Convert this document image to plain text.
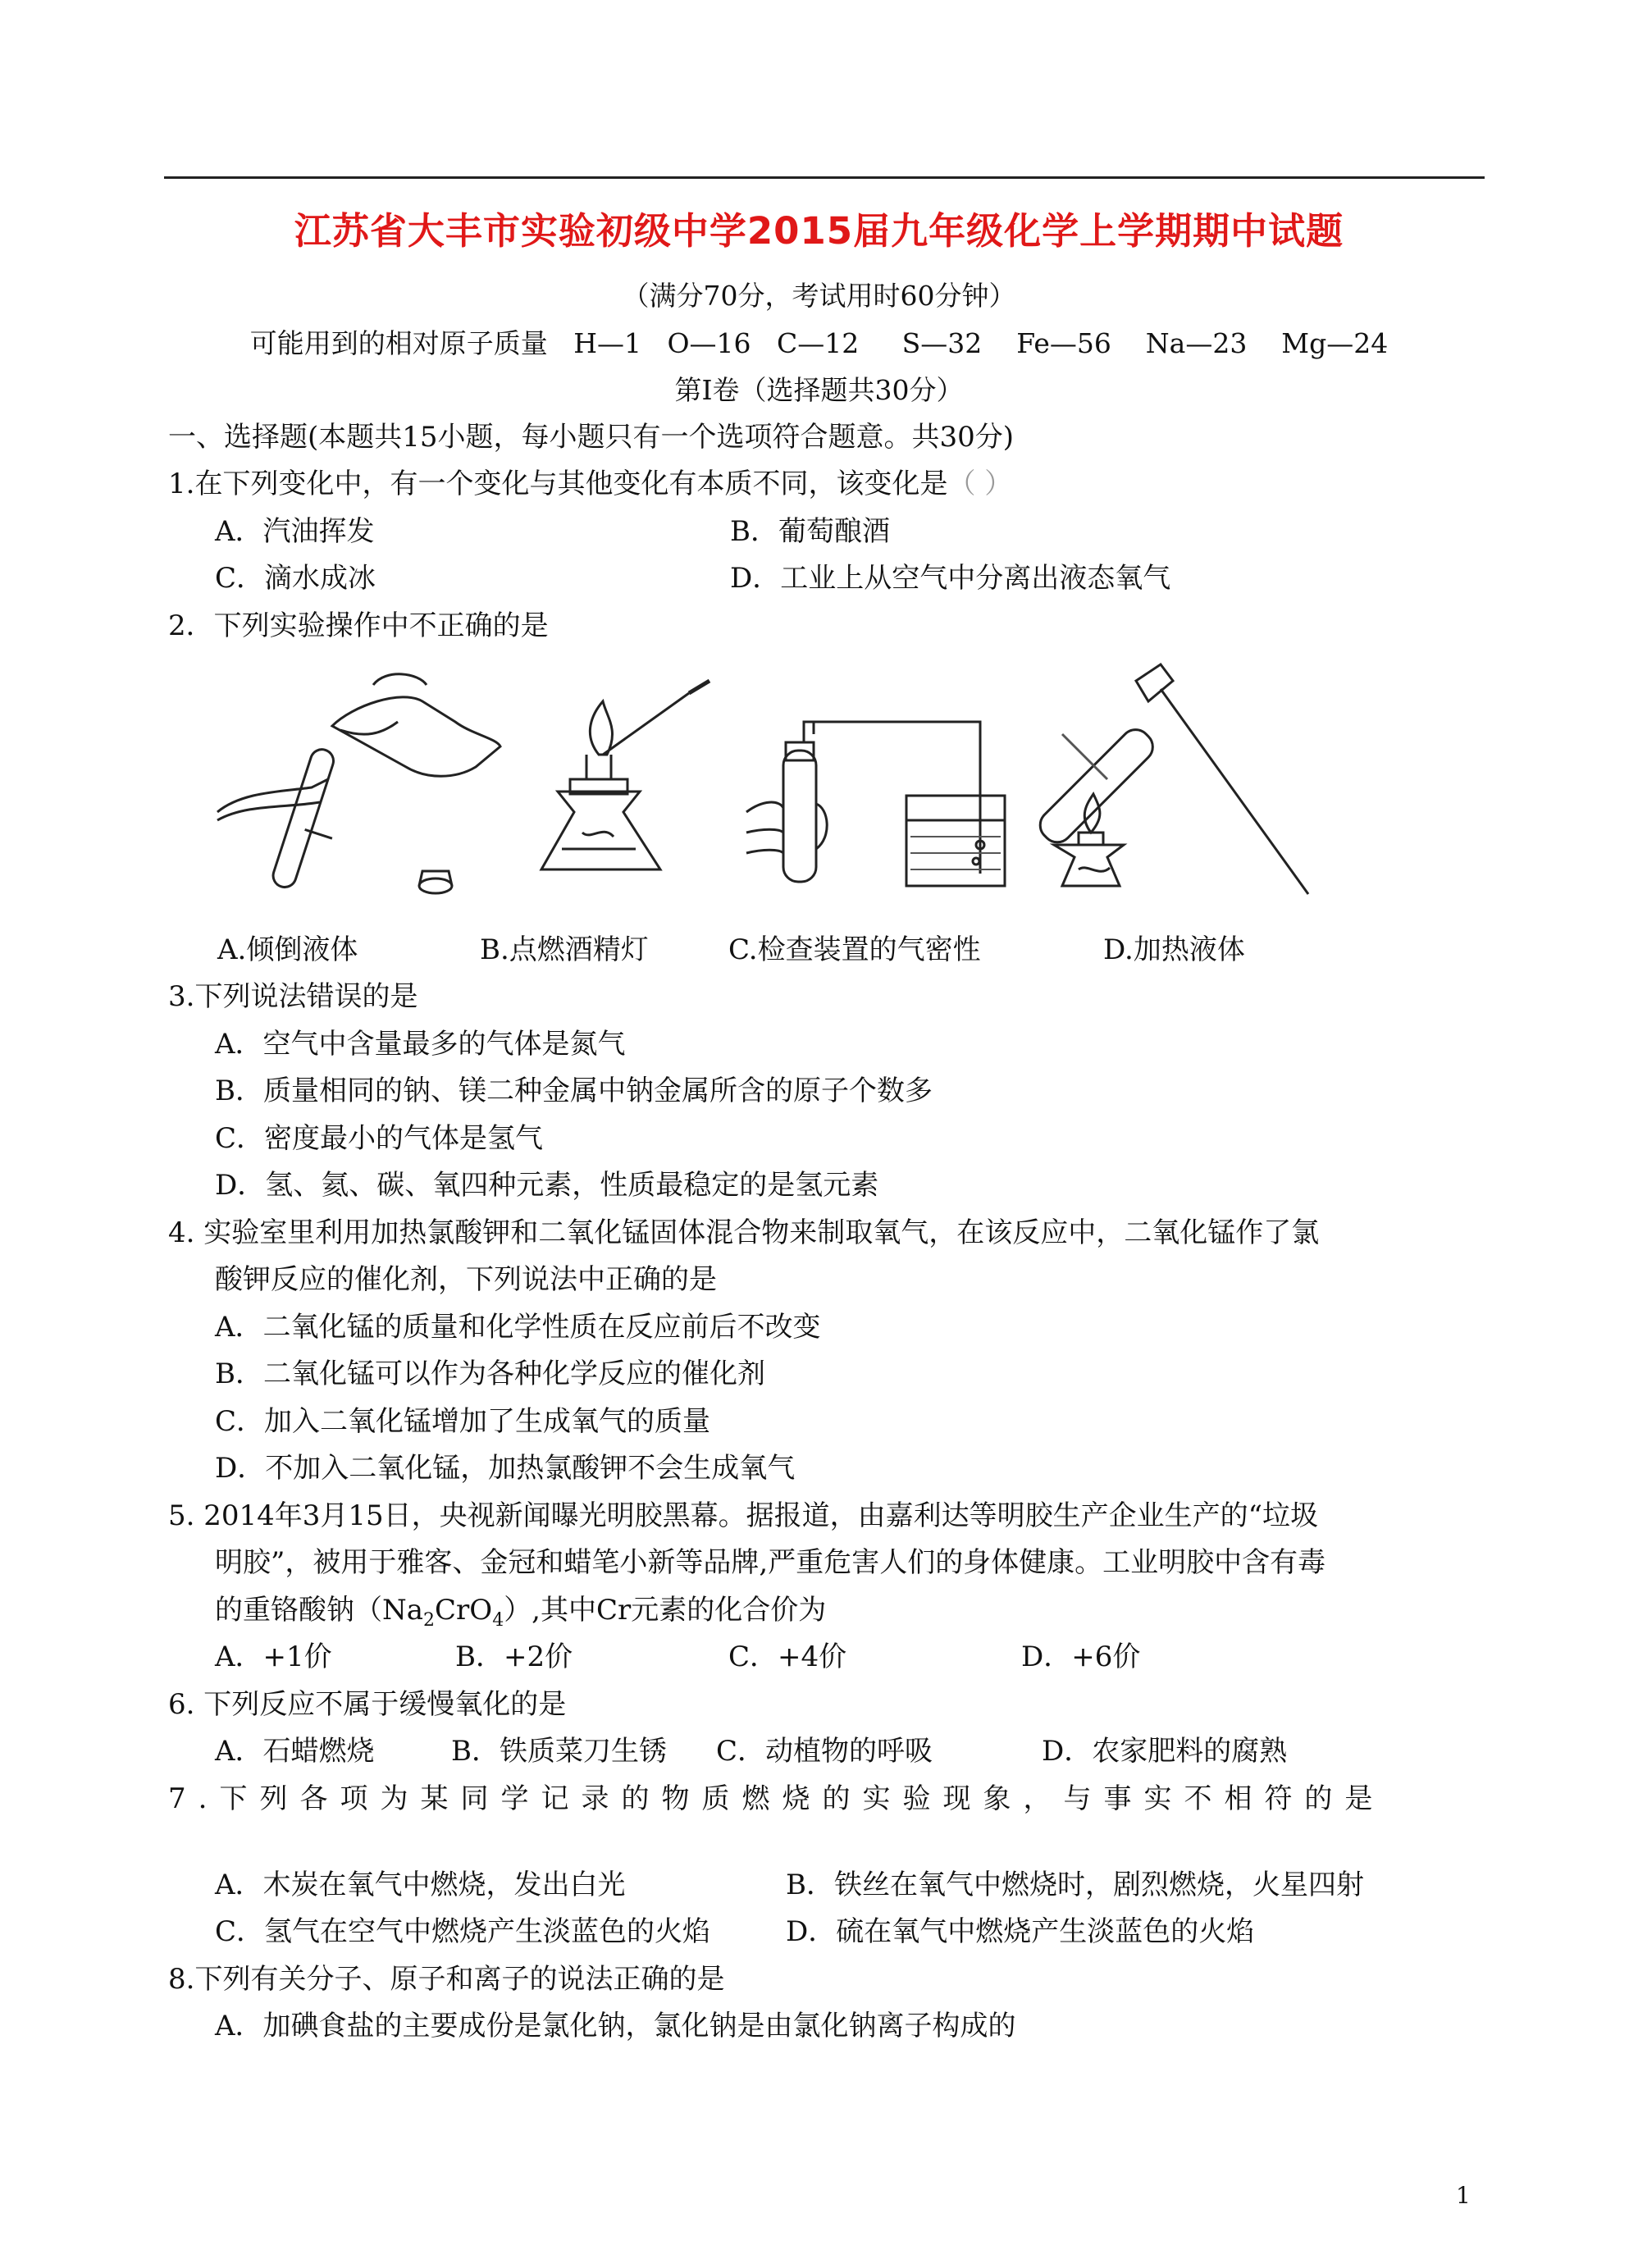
江苏省大丰市实验初级中学2015届九年级化学上学期期中试题
（满分70分，考试用时60分钟）
可能用到的相对原子质量   H—1   O—16   C—12     S—32    Fe—56    Na—23    Mg—24
第Ⅰ卷（选择题共30分）
一、选择题(本题共15小题，每小题只有一个选项符合题意。共30分)
1.在下列变化中，有一个变化与其他变化有本质不同，该变化是（ ）
A．汽油挥发	B．葡萄酿酒
C．滴水成冰	D．工业上从空气中分离出液态氧气
2．下列实验操作中不正确的是
A.倾倒液体	B.点燃酒精灯	C.检查装置的气密性	D.加热液体
3.下列说法错误的是
A．空气中含量最多的气体是氮气
B．质量相同的钠、镁二种金属中钠金属所含的原子个数多
C．密度最小的气体是氢气
D．氢、氦、碳、氧四种元素，性质最稳定的是氢元素
4. 实验室里利用加热氯酸钾和二氧化锰固体混合物来制取氧气，在该反应中，二氧化锰作了氯
酸钾反应的催化剂，下列说法中正确的是
A．二氧化锰的质量和化学性质在反应前后不改变
B．二氧化锰可以作为各种化学反应的催化剂
C．加入二氧化锰增加了生成氧气的质量
D．不加入二氧化锰，加热氯酸钾不会生成氧气
5. 2014年3月15日，央视新闻曝光明胶黑幕。据报道，由嘉利达等明胶生产企业生产的“垃圾
明胶”，被用于雅客、金冠和蜡笔小新等品牌,严重危害人们的身体健康。工业明胶中含有毒
的重铬酸钠$(Na_2CrO_4)$,其中Cr元素的化合价为
A．+1价	B．+2价	C．+4价	D．+6价
6. 下列反应不属于缓慢氧化的是
A．石蜡燃烧	B．铁质菜刀生锈 C．动植物的呼吸	D．农家肥料的腐熟
7.下列各项为某同学记录的物质燃烧的实验现象，与事实不相符的是
A．木炭在氧气中燃烧，发出白光	B．铁丝在氧气中燃烧时，剧烈燃烧，火星四射
C．氢气在空气中燃烧产生淡蓝色的火焰	D．硫在氧气中燃烧产生淡蓝色的火焰
8.下列有关分子、原子和离子的说法正确的是
A．加碘食盐的主要成份是氯化钠，氯化钠是由氯化钠离子构成的
1
